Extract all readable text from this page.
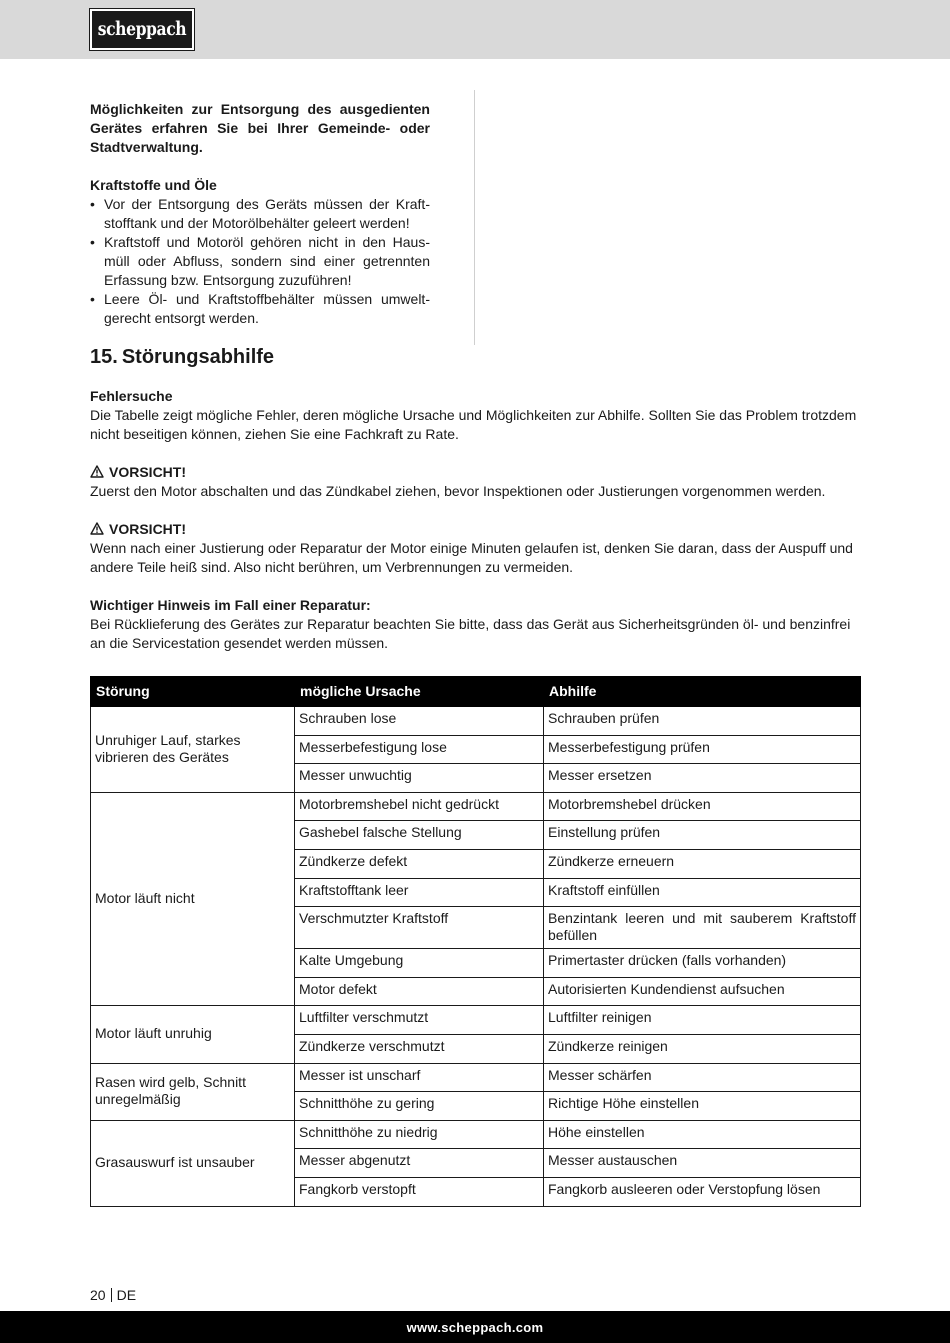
scheppach

Möglichkeiten zur Entsorgung des ausgedienten Gerätes erfahren Sie bei Ihrer Gemeinde- oder Stadtverwaltung.

Kraftstoffe und Öle

• Vor der Entsorgung des Geräts müssen der Kraftstofftank und der Motorölbehälter geleert werden!
• Kraftstoff und Motoröl gehören nicht in den Hausmüll oder Abfluss, sondern sind einer getrennten Erfassung bzw. Entsorgung zuzuführen!
• Leere Öl- und Kraftstoffbehälter müssen umweltgerecht entsorgt werden.
15. Störungsabhilfe

Fehlersuche

Die Tabelle zeigt mögliche Fehler, deren mögliche Ursache und Möglichkeiten zur Abhilfe. Sollten Sie das Problem trotzdem nicht beseitigen können, ziehen Sie eine Fachkraft zu Rate.

VORSICHT!

Zuerst den Motor abschalten und das Zündkabel ziehen, bevor Inspektionen oder Justierungen vorgenommen werden.

VORSICHT!

Wenn nach einer Justierung oder Reparatur der Motor einige Minuten gelaufen ist, denken Sie daran, dass der Auspuff und andere Teile heiß sind. Also nicht berühren, um Verbrennungen zu vermeiden.

Wichtiger Hinweis im Fall einer Reparatur:

Bei Rücklieferung des Gerätes zur Reparatur beachten Sie bitte, dass das Gerät aus Sicherheitsgründen öl- und benzinfrei an die Servicestation gesendet werden müssen.

Störung	mögliche Ursache	Abhilfe
Unruhiger Lauf, starkes vibrieren des Gerätes	Schrauben lose	Schrauben prüfen
	Messerbefestigung lose	Messerbefestigung prüfen
	Messer unwuchtig	Messer ersetzen
Motor läuft nicht	Motorbremshebel nicht gedrückt	Motorbremshebel drücken
	Gashebel falsche Stellung	Einstellung prüfen
	Zündkerze defekt	Zündkerze erneuern
	Kraftstofftank leer	Kraftstoff einfüllen
	Verschmutzter Kraftstoff	Benzintank leeren und mit sauberem Kraftstoff befüllen
	Kalte Umgebung	Primertaster drücken (falls vorhanden)
	Motor defekt	Autorisierten Kundendienst aufsuchen
Motor läuft unruhig	Luftfilter verschmutzt	Luftfilter reinigen
	Zündkerze verschmutzt	Zündkerze reinigen
Rasen wird gelb, Schnitt unregelmäßig	Messer ist unscharf	Messer schärfen
	Schnitthöhe zu gering	Richtige Höhe einstellen
Grasauswurf ist unsauber	Schnitthöhe zu niedrig	Höhe einstellen
	Messer abgenutzt	Messer austauschen
	Fangkorb verstopft	Fangkorb ausleeren oder Verstopfung lösen
20 DE
www.scheppach.com
